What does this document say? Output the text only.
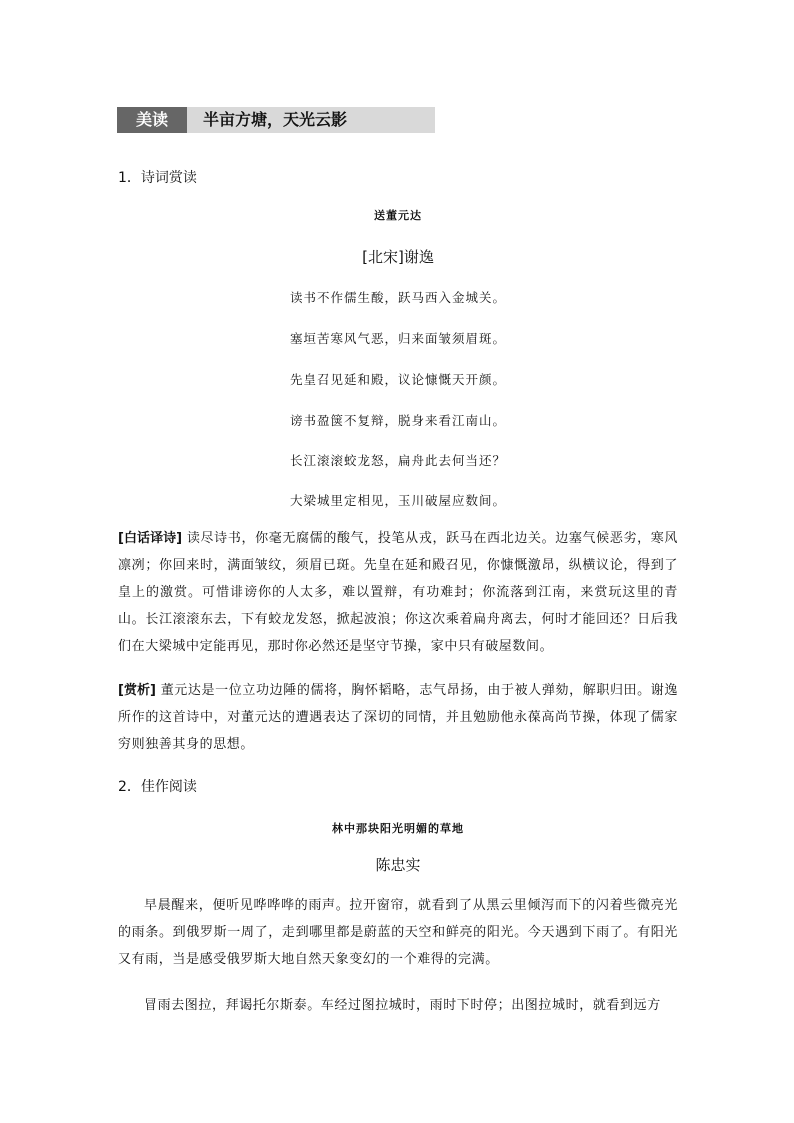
美读	半亩方塘，天光云影
1．诗词赏读
送董元达
[北宋]谢逸
读书不作儒生酸，跃马西入金城关。
塞垣苦寒风气恶，归来面皱须眉斑。
先皇召见延和殿，议论慷慨天开颜。
谤书盈箧不复辩，脱身来看江南山。
长江滚滚蛟龙怒，扁舟此去何当还？
大梁城里定相见，玉川破屋应数间。
[白话译诗] 读尽诗书，你毫无腐儒的酸气，投笔从戎，跃马在西北边关。边塞气候恶劣，寒风凛冽；你回来时，满面皱纹，须眉已斑。先皇在延和殿召见，你慷慨激昂，纵横议论，得到了皇上的激赏。可惜诽谤你的人太多，难以置辩，有功难封；你流落到江南，来赏玩这里的青山。长江滚滚东去，下有蛟龙发怒，掀起波浪；你这次乘着扁舟离去，何时才能回还？日后我们在大梁城中定能再见，那时你必然还是坚守节操，家中只有破屋数间。
[赏析] 董元达是一位立功边陲的儒将，胸怀韬略，志气昂扬，由于被人弹劾，解职归田。谢逸所作的这首诗中，对董元达的遭遇表达了深切的同情，并且勉励他永葆高尚节操，体现了儒家穷则独善其身的思想。
2．佳作阅读
林中那块阳光明媚的草地
陈忠实
早晨醒来，便听见哗哗哗的雨声。拉开窗帘，就看到了从黑云里倾泻而下的闪着些微亮光的雨条。到俄罗斯一周了，走到哪里都是蔚蓝的天空和鲜亮的阳光。今天遇到下雨了。有阳光又有雨，当是感受俄罗斯大地自然天象变幻的一个难得的完满。
冒雨去图拉，拜谒托尔斯泰。车经过图拉城时，雨时下时停；出图拉城时，就看到远方
